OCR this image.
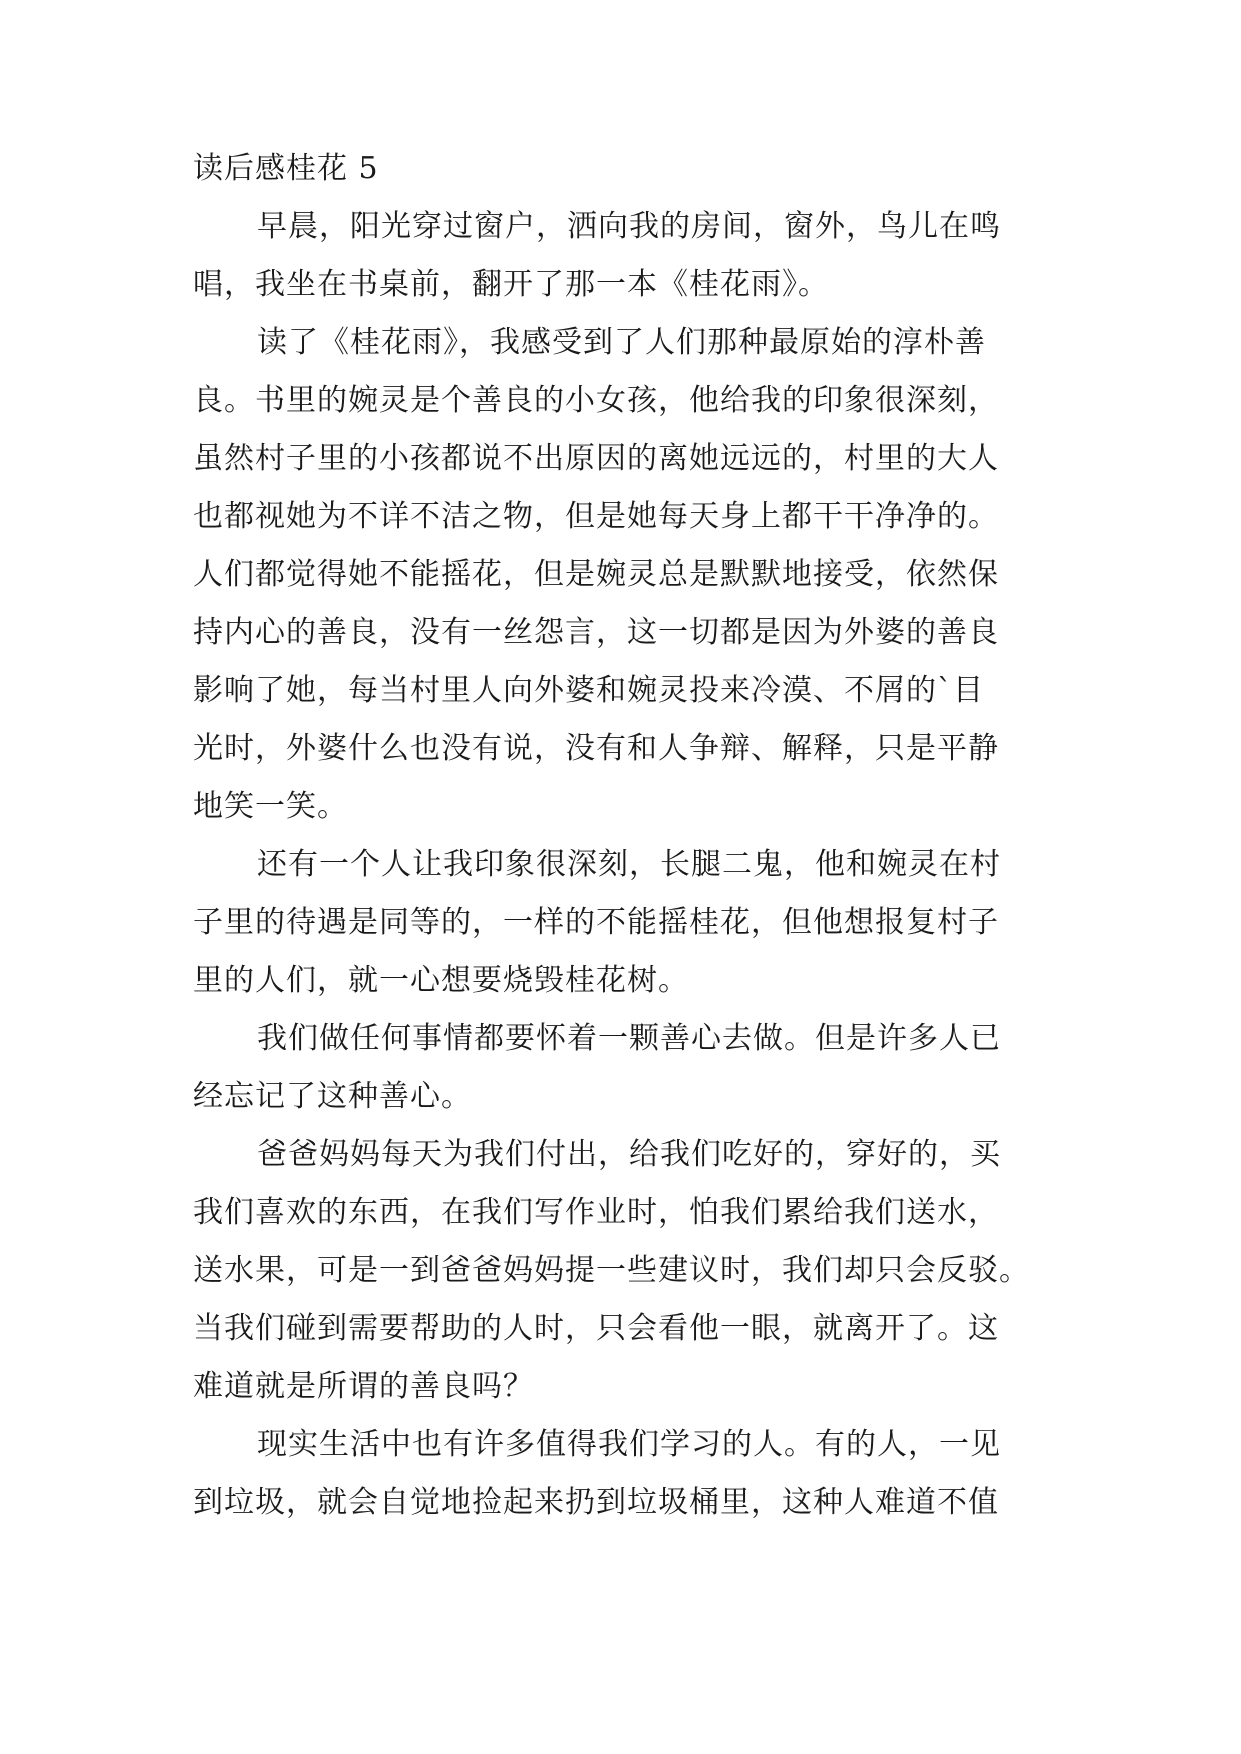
读后感桂花 5
早晨，阳光穿过窗户，洒向我的房间，窗外，鸟儿在鸣
唱，我坐在书桌前，翻开了那一本《桂花雨》。
读了《桂花雨》，我感受到了人们那种最原始的淳朴善
良。书里的婉灵是个善良的小女孩，他给我的印象很深刻，
虽然村子里的小孩都说不出原因的离她远远的，村里的大人
也都视她为不详不洁之物，但是她每天身上都干干净净的。
人们都觉得她不能摇花，但是婉灵总是默默地接受，依然保
持内心的善良，没有一丝怨言，这一切都是因为外婆的善良
影响了她，每当村里人向外婆和婉灵投来冷漠、不屑的`目
光时，外婆什么也没有说，没有和人争辩、解释，只是平静
地笑一笑。
还有一个人让我印象很深刻，长腿二鬼，他和婉灵在村
子里的待遇是同等的，一样的不能摇桂花，但他想报复村子
里的人们，就一心想要烧毁桂花树。
我们做任何事情都要怀着一颗善心去做。但是许多人已
经忘记了这种善心。
爸爸妈妈每天为我们付出，给我们吃好的，穿好的，买
我们喜欢的东西，在我们写作业时，怕我们累给我们送水，
送水果，可是一到爸爸妈妈提一些建议时，我们却只会反驳。
当我们碰到需要帮助的人时，只会看他一眼，就离开了。这
难道就是所谓的善良吗？
现实生活中也有许多值得我们学习的人。有的人，一见
到垃圾，就会自觉地捡起来扔到垃圾桶里，这种人难道不值
